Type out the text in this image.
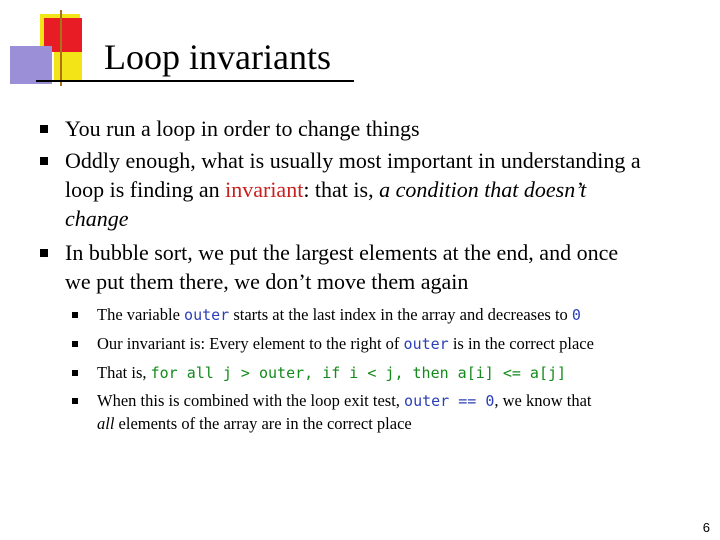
Loop invariants
You run a loop in order to change things
Oddly enough, what is usually most important in understanding a
loop is finding an invariant: that is, a condition that doesn’t
change
In bubble sort, we put the largest elements at the end, and once
we put them there, we don’t move them again
The variable outer starts at the last index in the array and decreases to 0
Our invariant is: Every element to the right of outer is in the correct place
That is, for all j > outer, if i < j, then a[i] <= a[j]
When this is combined with the loop exit test, outer == 0, we know that
all elements of the array are in the correct place
6
